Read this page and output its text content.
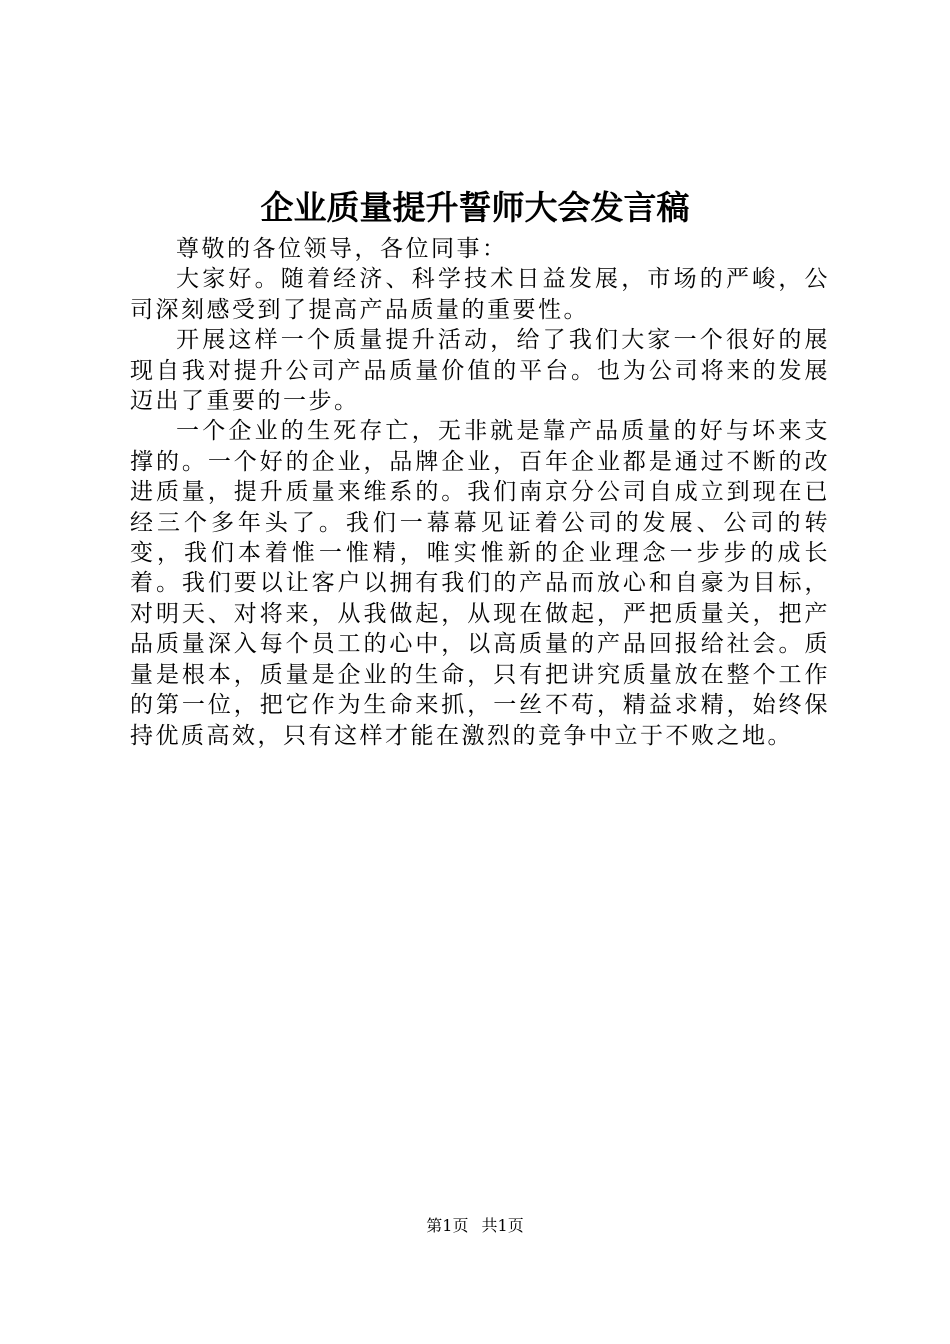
企业质量提升誓师大会发言稿

尊敬的各位领导，各位同事：

大家好。随着经济、科学技术日益发展，市场的严峻，公司深刻感受到了提高产品质量的重要性。

开展这样一个质量提升活动，给了我们大家一个很好的展现自我对提升公司产品质量价值的平台。也为公司将来的发展迈出了重要的一步。

一个企业的生死存亡，无非就是靠产品质量的好与坏来支撑的。一个好的企业，品牌企业，百年企业都是通过不断的改进质量，提升质量来维系的。我们南京分公司自成立到现在已经三个多年头了。我们一幕幕见证着公司的发展、公司的转变，我们本着惟一惟精，唯实惟新的企业理念一步步的成长着。我们要以让客户以拥有我们的产品而放心和自豪为目标，对明天、对将来，从我做起，从现在做起，严把质量关，把产品质量深入每个员工的心中，以高质量的产品回报给社会。质量是根本，质量是企业的生命，只有把讲究质量放在整个工作的第一位，把它作为生命来抓，一丝不苟，精益求精，始终保持优质高效，只有这样才能在激烈的竞争中立于不败之地。

第1页 共1页
